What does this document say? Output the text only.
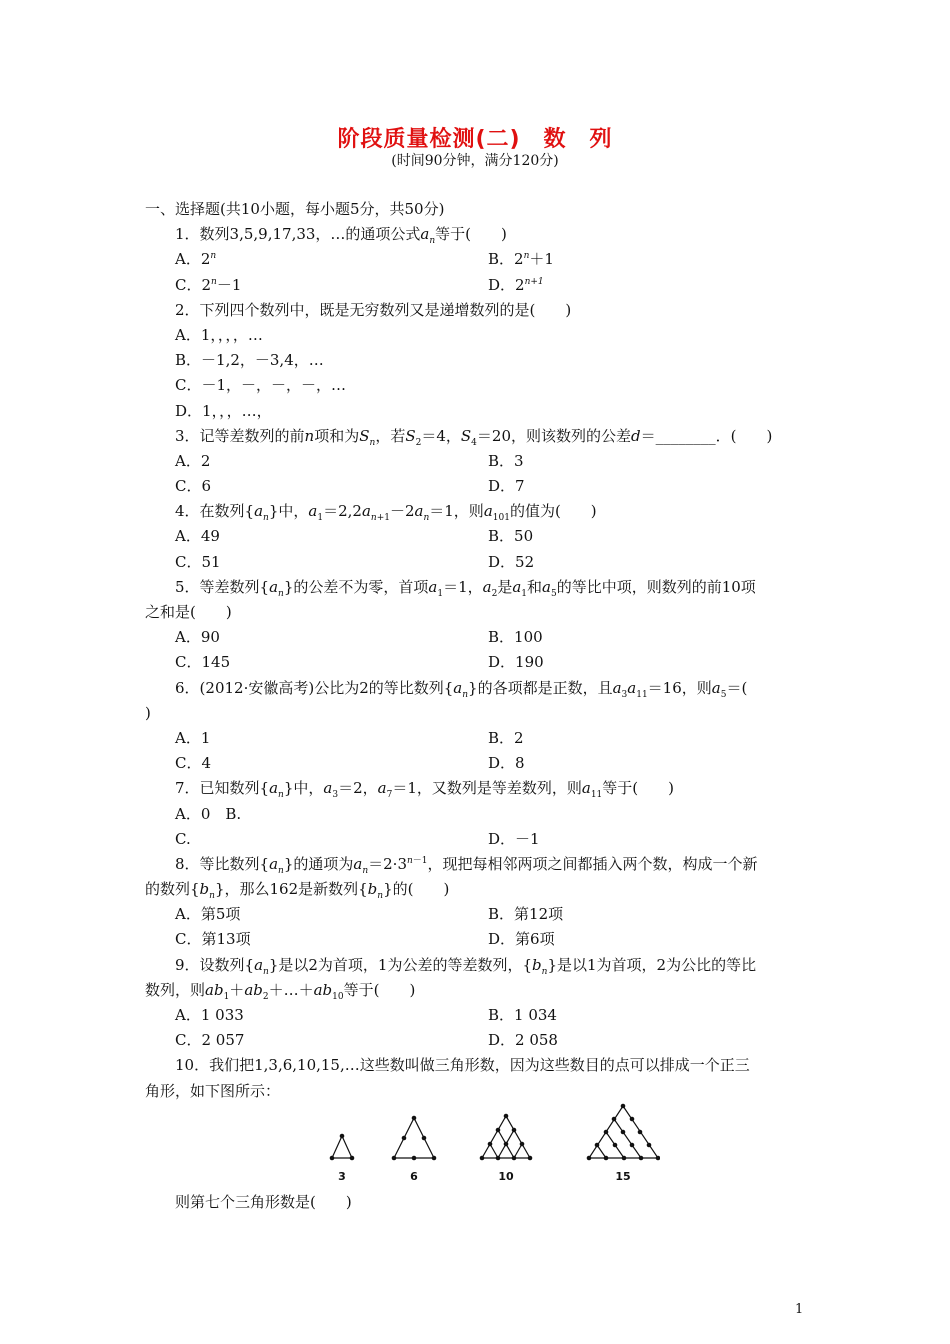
阶段质量检测(二)　数　列
(时间90分钟，满分120分)
一、选择题(共10小题，每小题5分，共50分)
1．数列3,5,9,17,33，…的通项公式$a_n$等于(　　)
A．2$^n$	B．$2^n+1$
C．$2^n-1$	D．$2^{n+1}$
2．下列四个数列中，既是无穷数列又是递增数列的是(　　)
A．1，，，，…
B．－1,2，－3,4，…
C．－1，－，－，－，…
D．1，，，…，
3．记等差数列的前n项和为$S_n$，若$S_2=4$，$S_4=20$，则该数列的公差d＝________．(　　)
A．2	B．3
C．6	D．7
4．在数列$\{a_n\}$中，$a_1=2,2a_{n+1}-2a_n=1$，则$a_{101}$的值为(　　)
A．49	B．50
C．51	D．52
5．等差数列$\{a_n\}$的公差不为零，首项$a_1=1$，$a_2$是$a_1$和$a_5$的等比中项，则数列的前10项
之和是(　　)
A．90	B．100
C．145	D．190
6．(2012·安徽高考)公比为2的等比数列$\{a_n\}$的各项都是正数，且$a_3a_{11}=16$，则$a_5=$(
)
A．1	B．2
C．4	D．8
7．已知数列$\{a_n\}$中，$a_3=2$，$a_7=1$，又数列是等差数列，则$a_{11}$等于(　　)
A．0　B.
C.	D．－1
8．等比数列$\{a_n\}$的通项为$a_n=2\cdot 3^{n-1}$，现把每相邻两项之间都插入两个数，构成一个新
的数列$\{b_n\}$，那么162是新数列$\{b_n\}$的(　　)
A．第5项	B．第12项
C．第13项	D．第6项
9．设数列$\{a_n\}$是以2为首项，1为公差的等差数列，$\{b_n\}$是以1为首项，2为公比的等比
数列，则$ab_1+ab_2+\dots+ab_{10}$等于(　　)
A．1 033	B．1 034
C．2 057	D．2 058
10．我们把1,3,6,10,15,…这些数叫做三角形数，因为这些数目的点可以排成一个正三
角形，如下图所示：
3	6	10	15
则第七个三角形数是(　　)
1
